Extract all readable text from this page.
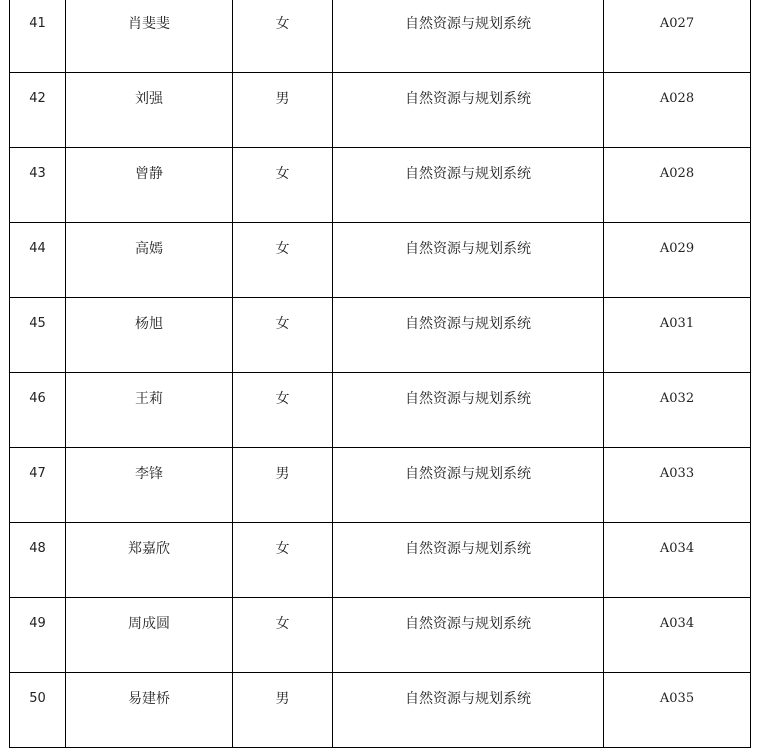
41	肖斐斐	女	自然资源与规划系统	A027
42	刘强	男	自然资源与规划系统	A028
43	曾静	女	自然资源与规划系统	A028
44	高嫣	女	自然资源与规划系统	A029
45	杨旭	女	自然资源与规划系统	A031
46	王莉	女	自然资源与规划系统	A032
47	李锋	男	自然资源与规划系统	A033
48	郑嘉欣	女	自然资源与规划系统	A034
49	周成圆	女	自然资源与规划系统	A034
50	易建桥	男	自然资源与规划系统	A035
